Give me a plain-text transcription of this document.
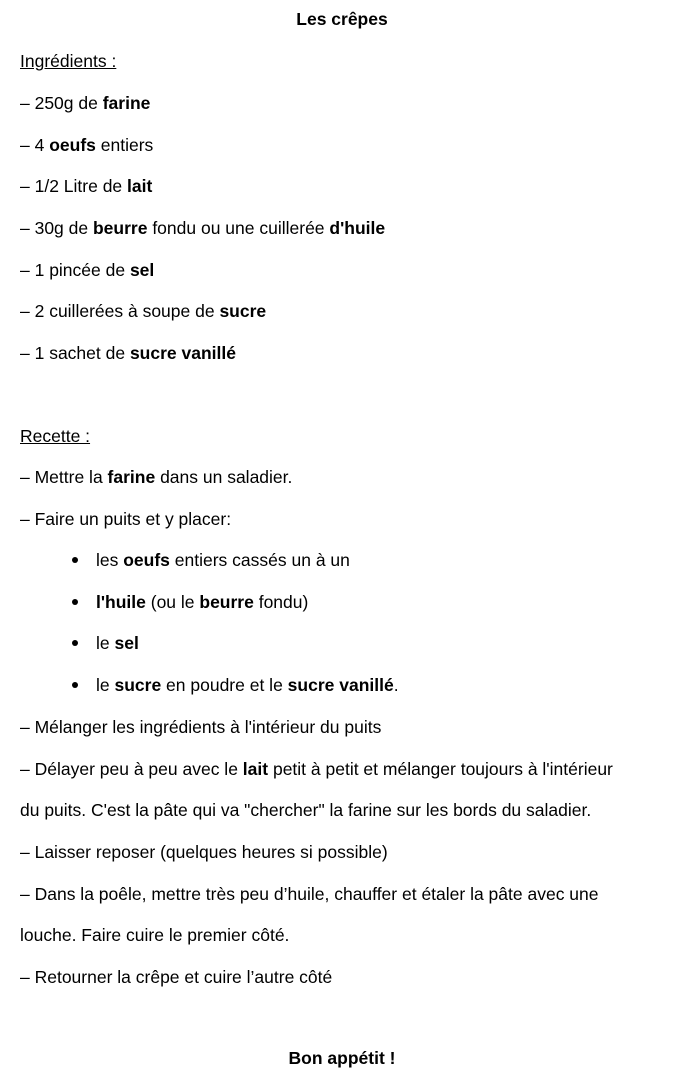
Les crêpes
Ingrédients :
– 250g de farine
– 4 oeufs entiers
– 1/2 Litre de lait
– 30g de beurre fondu ou une cuillerée d'huile
– 1 pincée de sel
– 2 cuillerées à soupe de sucre
– 1 sachet de sucre vanillé
Recette :
– Mettre la farine dans un saladier.
– Faire un puits et y placer:
les oeufs entiers cassés un à un
l'huile (ou le beurre fondu)
le sel
le sucre en poudre et le sucre vanillé.
– Mélanger les ingrédients à l'intérieur du puits
– Délayer peu à peu avec le lait petit à petit et mélanger toujours à l'intérieur
du puits. C'est la pâte qui va "chercher" la farine sur les bords du saladier.
– Laisser reposer (quelques heures si possible)
– Dans la poêle, mettre très peu d’huile, chauffer et étaler la pâte avec une
louche. Faire cuire le premier côté.
– Retourner la crêpe et cuire l’autre côté
Bon appétit !
